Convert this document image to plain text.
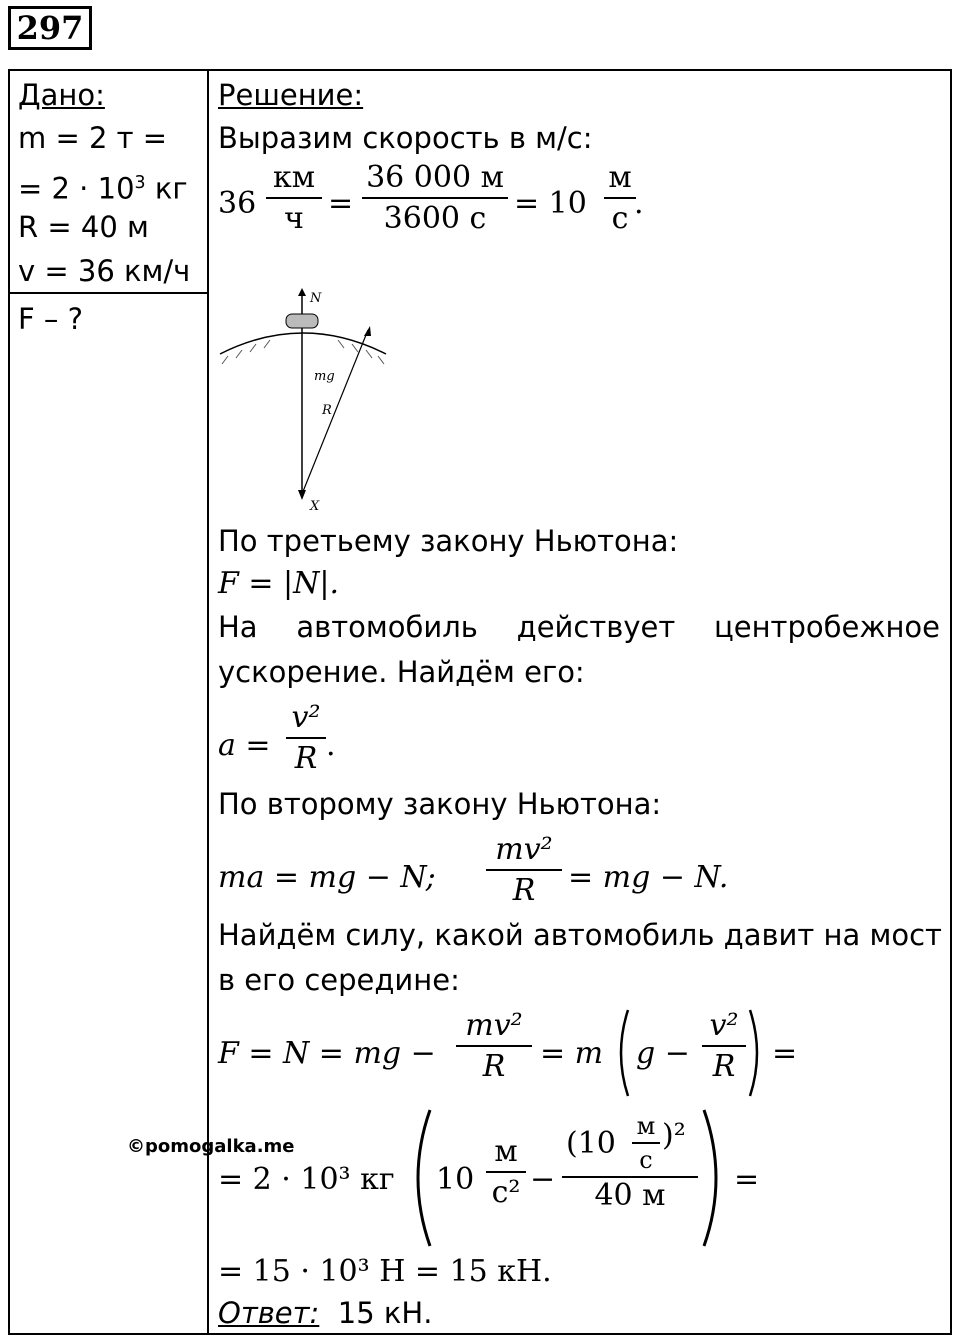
297
Дано:
m = 2 т =
= $2 \cdot 10^3$ кг
R = 40 м
v = 36 км/ч
F – ?
Решение:
Выразим скорость в м/с:
36
км
ч =
36 000 м
3600 с = 10
м
с .
N
mg
R
X
По третьему закону Ньютона:
F = |N|.
На автомобиль действует центробежное
ускорение. Найдём его:
a =
v²
R .
По второму закону Ньютона:
ma = mg − N;
mv²
R	= mg − N.
Найдём силу, какой автомобиль давит на мост
в его середине:
F = N = mg −
mv²
R	= m g −
v²
R	=
©pomogalka.me
= 2 · 10³ кг 10
м
с² −
(10 м
с
)²
40 м	=
= 15 · 10³ Н = 15 кН.
Ответ: 15 кН.
